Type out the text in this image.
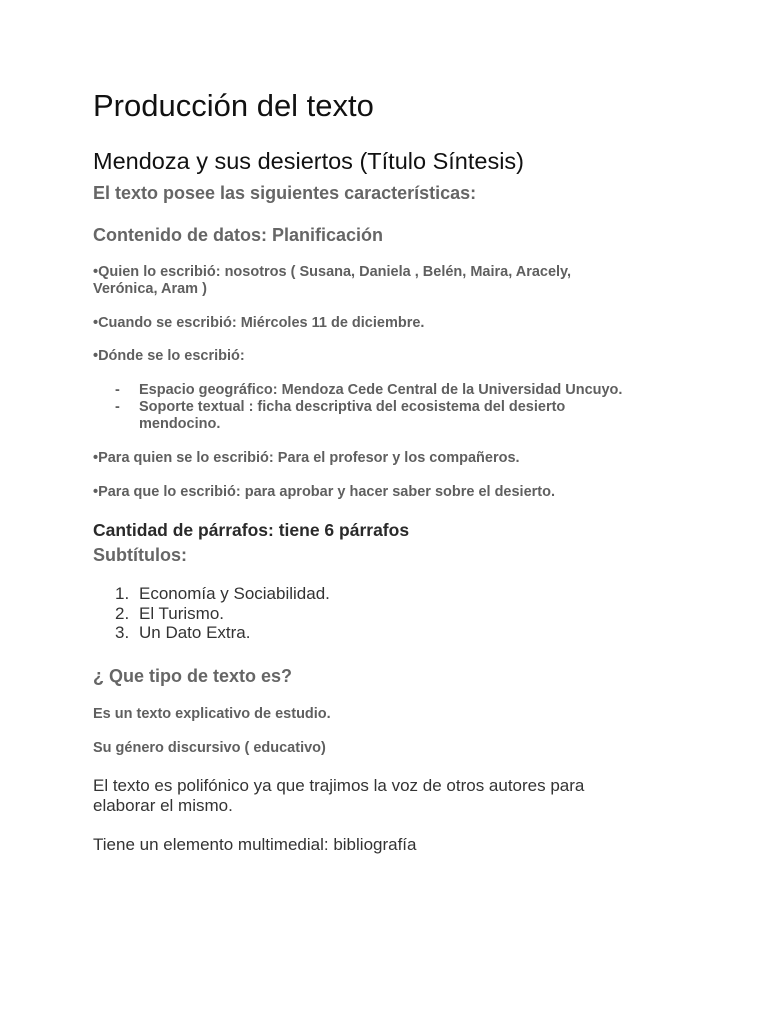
Producción del texto
Mendoza y sus desiertos (Título Síntesis)
El texto posee las siguientes características:
Contenido de datos: Planificación
•Quien lo escribió: nosotros ( Susana, Daniela , Belén, Maira, Aracely,
Verónica, Aram )
•Cuando se escribió: Miércoles 11 de diciembre.
•Dónde se lo escribió:
- Espacio geográfico: Mendoza Cede Central de la Universidad Uncuyo.
- Soporte textual : ficha descriptiva del ecosistema del desierto
mendocino.
•Para quien se lo escribió: Para el profesor y los compañeros.
•Para que lo escribió: para aprobar y hacer saber sobre el desierto.
Cantidad de párrafos: tiene 6 párrafos
Subtítulos:
1. Economía y Sociabilidad.
2. El Turismo.
3. Un Dato Extra.
¿ Que tipo de texto es?
Es un texto explicativo de estudio.
Su género discursivo ( educativo)
El texto es polifónico ya que trajimos la voz de otros autores para
elaborar el mismo.
Tiene un elemento multimedial: bibliografía
